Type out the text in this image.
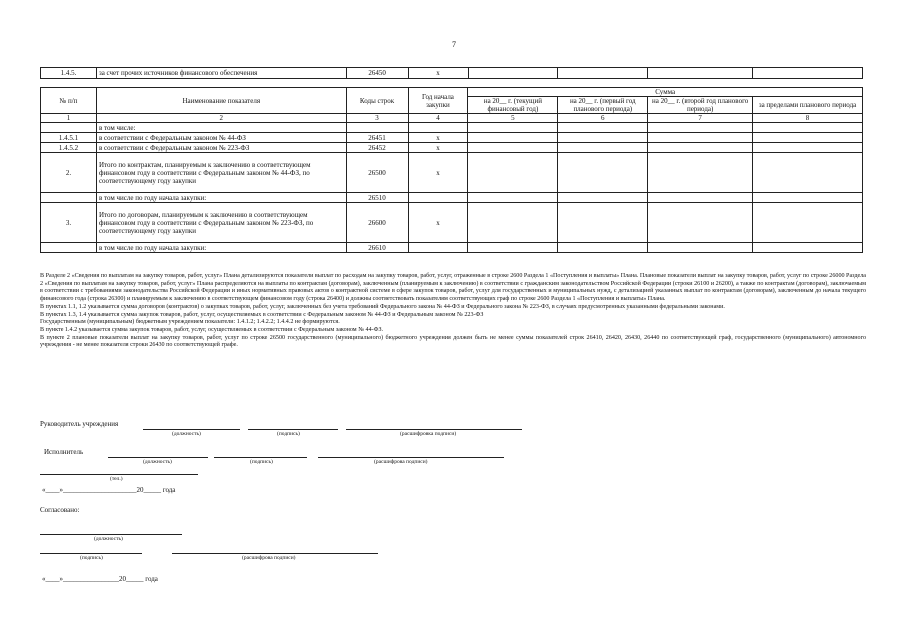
7
1.4.5.	за счет прочих источников финансового обеспечения	26450	x				
№ п/п	Наименование показателя	Коды строк	Год начала закупки	Сумма			
				на 20__ г. (текущий финансовый год)	на 20__ г. (первый год планового периода)	на 20__ г. (второй год планового периода)	за пределами планового периода
1	2	3	4	5	6	7	8
	в том числе:						
1.4.5.1	в соответствии с Федеральным законом № 44-ФЗ	26451	x				
1.4.5.2	в соответствии с Федеральным законом № 223-ФЗ	26452	x				
2.	Итого по контрактам, планируемым к заключению в соответствующем финансовом году в соответствии с Федеральным законом № 44-ФЗ, по соответствующему году закупки	26500	x				
	в том числе по году начала закупки:	26510					
3.	Итого по договорам, планируемым к заключению в соответствующем финансовом году в соответствии с Федеральным законом № 223-ФЗ, по соответствующему году закупки	26600	x				
	в том числе по году начала закупки:	26610					

В Разделе 2 «Сведения по выплатам на закупку товаров, работ, услуг» Плана детализируются показатели выплат по расходам на закупку товаров, работ, услуг, отраженные в строке 2600 Раздела 1 «Поступления и выплаты» Плана. Плановые показатели выплат на закупку товаров, работ, услуг по строке 26000 Раздела 2 «Сведения по выплатам на закупку товаров, работ, услуг» Плана распределяются на выплаты по контрактам (договорам), заключенным (планируемым к заключению) в соответствии с гражданским законодательством Российской Федерации (строки 26100 и 26200), а также по контрактам (договорам), заключаемым в соответствии с требованиями законодательства Российской Федерации и иных нормативных правовых актов о контрактной системе в сфере закупок товаров, работ, услуг для государственных и муниципальных нужд, с детализацией указанных выплат по контрактам (договорам), заключенным до начала текущего финансового года (строка 26300) и планируемым к заключению в соответствующем финансовом году (строка 26400) и должны соответствовать показателям соответствующих граф по строке 2600 Раздела 1 «Поступления и выплаты» Плана.

В пунктах 1.1, 1.2 указывается сумма договоров (контрактов) о закупках товаров, работ, услуг, заключенных без учета требований Федерального закона № 44-ФЗ и Федерального закона № 223-ФЗ, в случаях предусмотренных указанными федеральными законами.

В пунктах 1.3, 1.4 указывается сумма закупок товаров, работ, услуг, осуществляемых в соответствии с Федеральным законом № 44-ФЗ и Федеральным законом № 223-ФЗ

Государственным (муниципальным) бюджетным учреждением показатели: 1.4.1.2; 1.4.2.2; 1.4.4.2 не формируются.

В пункте 1.4.2 указывается сумма закупок товаров, работ, услуг, осуществляемых в соответствии с Федеральным законом № 44-ФЗ.

В пункте 2 плановые показатели выплат на закупку товаров, работ, услуг по строке 26500 государственного (муниципального) бюджетного учреждения должен быть не менее суммы показателей строк 26410, 26420, 26430, 26440 по соответствующей граф, государственного (муниципального) автономного учреждения - не менее показателя строки 26430 по соответствующей графе.

Руководитель учреждения
(должность)	(подпись)	(расшифровка подписи)
Исполнитель
(должность)	(подпись)	(расшифрова подписи)
(тел.)
«____»_____________________20_____ года
Согласовано:
(должность)
(подпись)	(расшифрова подписи)
«____»________________20_____ года
